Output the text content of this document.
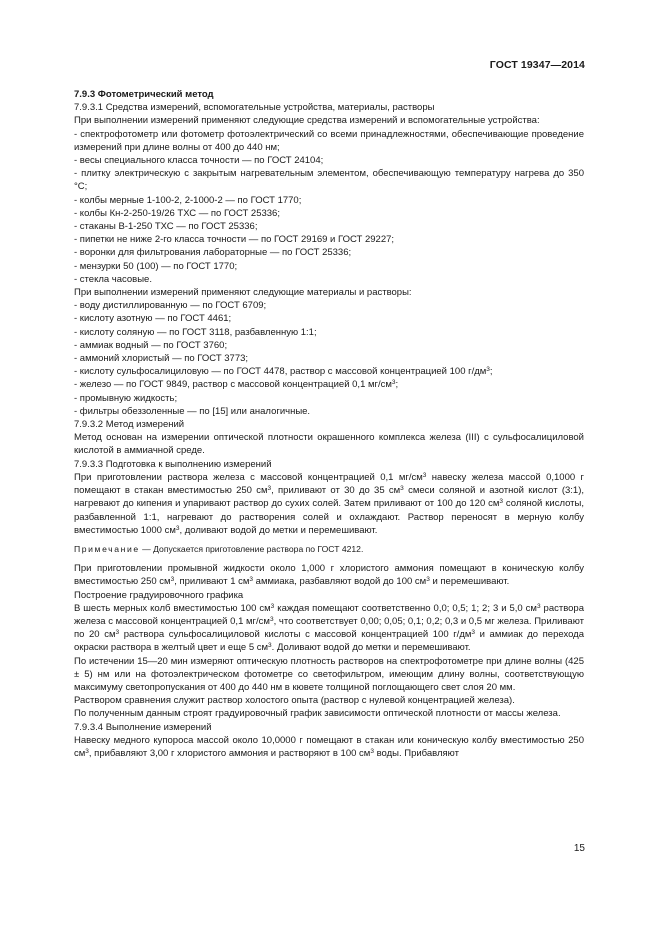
ГОСТ 19347—2014

7.9.3 Фотометрический метод

7.9.3.1 Средства измерений, вспомогательные устройства, материалы, растворы

При выполнении измерений применяют следующие средства измерений и вспомогательные устройства:

- спектрофотометр или фотометр фотоэлектрический со всеми принадлежностями, обеспечивающие проведение измерений при длине волны от 400 до 440 нм;

- весы специального класса точности — по ГОСТ 24104;

- плитку электрическую с закрытым нагревательным элементом, обеспечивающую температуру нагрева до 350 °С;

- колбы мерные 1-100-2, 2-1000-2 — по ГОСТ 1770;

- колбы Кн-2-250-19/26 ТХС — по ГОСТ 25336;

- стаканы В-1-250 ТХС — по ГОСТ 25336;

- пипетки не ниже 2-го класса точности — по ГОСТ 29169 и ГОСТ 29227;

- воронки для фильтрования лабораторные — по ГОСТ 25336;

- мензурки 50 (100) — по ГОСТ 1770;

- стекла часовые.

При выполнении измерений применяют следующие материалы и растворы:

- воду дистиллированную — по ГОСТ 6709;

- кислоту азотную — по ГОСТ 4461;

- кислоту соляную — по ГОСТ 3118, разбавленную 1:1;

- аммиак водный — по ГОСТ 3760;

- аммоний хлористый — по ГОСТ 3773;

- кислоту сульфосалициловую — по ГОСТ 4478, раствор с массовой концентрацией 100 $г/дм^3$;

- железо — по ГОСТ 9849, раствор с массовой концентрацией 0,1 $мг/см^3$;

- промывную жидкость;

- фильтры обеззоленные — по [15] или аналогичные.

7.9.3.2 Метод измерений

Метод основан на измерении оптической плотности окрашенного комплекса железа (III) с сульфосалициловой кислотой в аммиачной среде.

7.9.3.3 Подготовка к выполнению измерений

При приготовлении раствора железа с массовой концентрацией 0,1 $мг/см^3$ навеску железа массой 0,1000 г помещают в стакан вместимостью 250 $см^3$, приливают от 30 до 35 $см^3$ смеси соляной и азотной кислот (3:1), нагревают до кипения и упаривают раствор до сухих солей. Затем приливают от 100 до 120 $см^3$ соляной кислоты, разбавленной 1:1, нагревают до растворения солей и охлаждают. Раствор переносят в мерную колбу вместимостью 1000 $см^3$, доливают водой до метки и перемешивают.

Примечание — Допускается приготовление раствора по ГОСТ 4212.

При приготовлении промывной жидкости около 1,000 г хлористого аммония помещают в коническую колбу вместимостью 250 $см^3$, приливают 1 $см^3$ аммиака, разбавляют водой до 100 $см^3$ и перемешивают.

Построение градуировочного графика

В шесть мерных колб вместимостью 100 $см^3$ каждая помещают соответственно 0,0; 0,5; 1; 2; 3 и 5,0 $см^3$ раствора железа с массовой концентрацией 0,1 $мг/см^3$, что соответствует 0,00; 0,05; 0,1; 0,2; 0,3 и 0,5 мг железа. Приливают по 20 $см^3$ раствора сульфосалициловой кислоты с массовой концентрацией 100 $г/дм^3$ и аммиак до перехода окраски раствора в желтый цвет и еще 5 $см^3$. Доливают водой до метки и перемешивают.

По истечении 15—20 мин измеряют оптическую плотность растворов на спектрофотометре при длине волны (425 ± 5) нм или на фотоэлектрическом фотометре со светофильтром, имеющим длину волны, соответствующую максимуму светопропускания от 400 до 440 нм в кювете толщиной поглощающего свет слоя 20 мм.

Раствором сравнения служит раствор холостого опыта (раствор с нулевой концентрацией железа).

По полученным данным строят градуировочный график зависимости оптической плотности от массы железа.

7.9.3.4 Выполнение измерений

Навеску медного купороса массой около 10,0000 г помещают в стакан или коническую колбу вместимостью 250 $см^3$, прибавляют 3,00 г хлористого аммония и растворяют в 100 $см^3$ воды. Прибавляют

15
